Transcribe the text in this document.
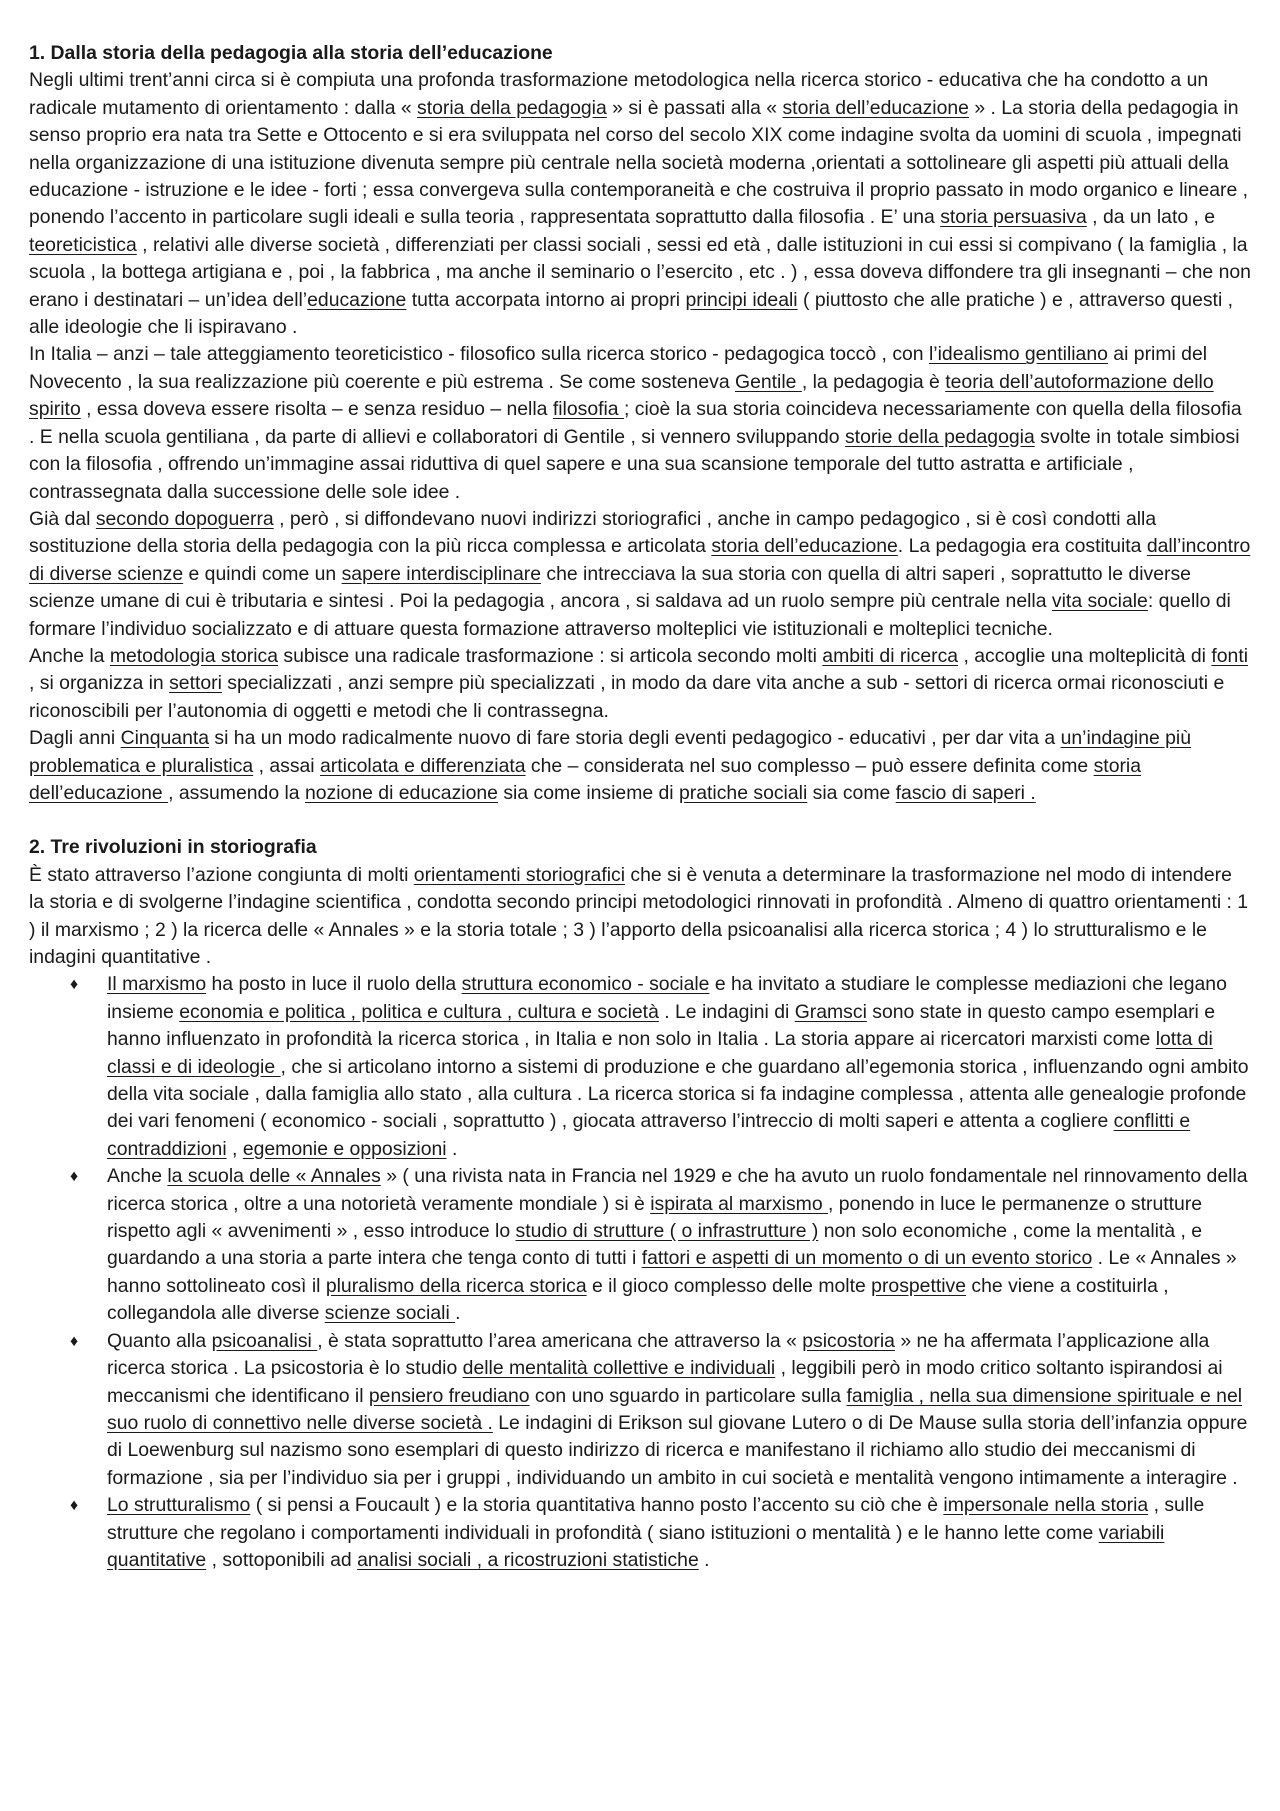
1. Dalla storia della pedagogia alla storia dell’educazione

Negli ultimi trent’anni circa si è compiuta una profonda trasformazione metodologica nella ricerca storico - educativa che ha condotto a un radicale mutamento di orientamento : dalla « storia della pedagogia » si è passati alla « storia dell’educazione » . La storia della pedagogia in senso proprio era nata tra Sette e Ottocento e si era sviluppata nel corso del secolo XIX come indagine svolta da uomini di scuola , impegnati nella organizzazione di una istituzione divenuta sempre più centrale nella società moderna ,orientati a sottolineare gli aspetti più attuali della educazione - istruzione e le idee - forti ; essa convergeva sulla contemporaneità e che costruiva il proprio passato in modo organico e lineare , ponendo l’accento in particolare sugli ideali e sulla teoria , rappresentata soprattutto dalla filosofia . E’ una storia persuasiva , da un lato , e teoreticistica , relativi alle diverse società , differenziati per classi sociali , sessi ed età , dalle istituzioni in cui essi si compivano ( la famiglia , la scuola , la bottega artigiana e , poi , la fabbrica , ma anche il seminario o l’esercito , etc . ) , essa doveva diffondere tra gli insegnanti – che non erano i destinatari – un’idea dell’educazione tutta accorpata intorno ai propri principi ideali ( piuttosto che alle pratiche ) e , attraverso questi , alle ideologie che li ispiravano .

In Italia – anzi – tale atteggiamento teoreticistico - filosofico sulla ricerca storico - pedagogica toccò , con l’idealismo gentiliano ai primi del Novecento , la sua realizzazione più coerente e più estrema . Se come sosteneva Gentile , la pedagogia è teoria dell’autoformazione dello spirito , essa doveva essere risolta – e senza residuo – nella filosofia ; cioè la sua storia coincideva necessariamente con quella della filosofia . E nella scuola gentiliana , da parte di allievi e collaboratori di Gentile , si vennero sviluppando storie della pedagogia svolte in totale simbiosi con la filosofia , offrendo un’immagine assai riduttiva di quel sapere e una sua scansione temporale del tutto astratta e artificiale , contrassegnata dalla successione delle sole idee .

Già dal secondo dopoguerra , però , si diffondevano nuovi indirizzi storiografici , anche in campo pedagogico , si è così condotti alla sostituzione della storia della pedagogia con la più ricca complessa e articolata storia dell’educazione. La pedagogia era costituita dall’incontro di diverse scienze e quindi come un sapere interdisciplinare che intrecciava la sua storia con quella di altri saperi , soprattutto le diverse scienze umane di cui è tributaria e sintesi . Poi la pedagogia , ancora , si saldava ad un ruolo sempre più centrale nella vita sociale: quello di formare l’individuo socializzato e di attuare questa formazione attraverso molteplici vie istituzionali e molteplici tecniche.

Anche la metodologia storica subisce una radicale trasformazione : si articola secondo molti ambiti di ricerca , accoglie una molteplicità di fonti , si organizza in settori specializzati , anzi sempre più specializzati , in modo da dare vita anche a sub - settori di ricerca ormai riconosciuti e riconoscibili per l’autonomia di oggetti e metodi che li contrassegna.

Dagli anni Cinquanta si ha un modo radicalmente nuovo di fare storia degli eventi pedagogico - educativi , per dar vita a un’indagine più problematica e pluralistica , assai articolata e differenziata che – considerata nel suo complesso – può essere definita come storia dell’educazione , assumendo la nozione di educazione sia come insieme di pratiche sociali sia come fascio di saperi .

2. Tre rivoluzioni in storiografia

È stato attraverso l’azione congiunta di molti orientamenti storiografici che si è venuta a determinare la trasformazione nel modo di intendere la storia e di svolgerne l’indagine scientifica , condotta secondo principi metodologici rinnovati in profondità . Almeno di quattro orientamenti : 1 ) il marxismo ; 2 ) la ricerca delle « Annales » e la storia totale ; 3 ) l’apporto della psicoanalisi alla ricerca storica ; 4 ) lo strutturalismo e le indagini quantitative .

♦ Il marxismo ha posto in luce il ruolo della struttura economico - sociale e ha invitato a studiare le complesse mediazioni che legano insieme economia e politica , politica e cultura , cultura e società . Le indagini di Gramsci sono state in questo campo esemplari e hanno influenzato in profondità la ricerca storica , in Italia e non solo in Italia . La storia appare ai ricercatori marxisti come lotta di classi e di ideologie , che si articolano intorno a sistemi di produzione e che guardano all’egemonia storica , influenzando ogni ambito della vita sociale , dalla famiglia allo stato , alla cultura . La ricerca storica si fa indagine complessa , attenta alle genealogie profonde dei vari fenomeni ( economico - sociali , soprattutto ) , giocata attraverso l’intreccio di molti saperi e attenta a cogliere conflitti e contraddizioni , egemonie e opposizioni .
♦ Anche la scuola delle « Annales » ( una rivista nata in Francia nel 1929 e che ha avuto un ruolo fondamentale nel rinnovamento della ricerca storica , oltre a una notorietà veramente mondiale ) si è ispirata al marxismo , ponendo in luce le permanenze o strutture rispetto agli « avvenimenti » , esso introduce lo studio di strutture ( o infrastrutture ) non solo economiche , come la mentalità , e guardando a una storia a parte intera che tenga conto di tutti i fattori e aspetti di un momento o di un evento storico . Le « Annales » hanno sottolineato così il pluralismo della ricerca storica e il gioco complesso delle molte prospettive che viene a costituirla , collegandola alle diverse scienze sociali .
♦ Quanto alla psicoanalisi , è stata soprattutto l’area americana che attraverso la « psicostoria » ne ha affermata l’applicazione alla ricerca storica . La psicostoria è lo studio delle mentalità collettive e individuali , leggibili però in modo critico soltanto ispirandosi ai meccanismi che identificano il pensiero freudiano con uno sguardo in particolare sulla famiglia , nella sua dimensione spirituale e nel suo ruolo di connettivo nelle diverse società . Le indagini di Erikson sul giovane Lutero o di De Mause sulla storia dell’infanzia oppure di Loewenburg sul nazismo sono esemplari di questo indirizzo di ricerca e manifestano il richiamo allo studio dei meccanismi di formazione , sia per l’individuo sia per i gruppi , individuando un ambito in cui società e mentalità vengono intimamente a interagire .
♦ Lo strutturalismo ( si pensi a Foucault ) e la storia quantitativa hanno posto l’accento su ciò che è impersonale nella storia , sulle strutture che regolano i comportamenti individuali in profondità ( siano istituzioni o mentalità ) e le hanno lette come variabili quantitative , sottoponibili ad analisi sociali , a ricostruzioni statistiche .
